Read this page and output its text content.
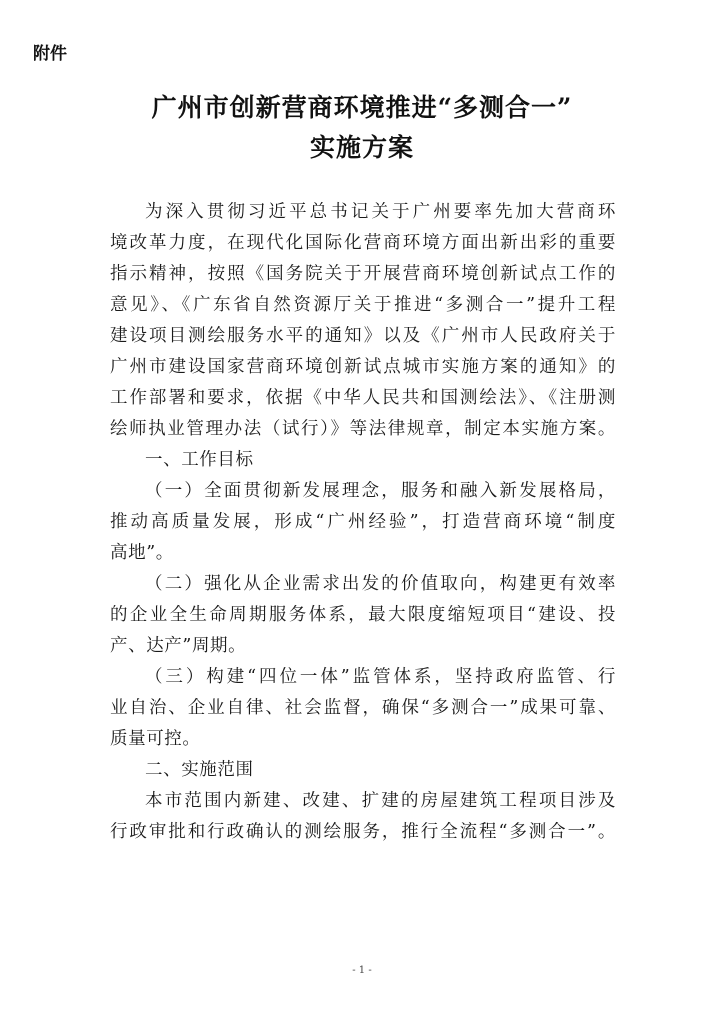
附件
广州市创新营商环境推进“多测合一”
实施方案
为深入贯彻习近平总书记关于广州要率先加大营商环
境改革力度，在现代化国际化营商环境方面出新出彩的重要
指示精神，按照《国务院关于开展营商环境创新试点工作的
意见》、《广东省自然资源厅关于推进“多测合一”提升工程
建设项目测绘服务水平的通知》以及《广州市人民政府关于
广州市建设国家营商环境创新试点城市实施方案的通知》的
工作部署和要求，依据《中华人民共和国测绘法》、《注册测
绘师执业管理办法（试行）》等法律规章，制定本实施方案。
一、工作目标
（一）全面贯彻新发展理念，服务和融入新发展格局，
推动高质量发展，形成“广州经验”，打造营商环境“制度
高地”。
（二）强化从企业需求出发的价值取向，构建更有效率
的企业全生命周期服务体系，最大限度缩短项目“建设、投
产、达产”周期。
（三）构建“四位一体”监管体系，坚持政府监管、行
业自治、企业自律、社会监督，确保“多测合一”成果可靠、
质量可控。
二、实施范围
本市范围内新建、改建、扩建的房屋建筑工程项目涉及
行政审批和行政确认的测绘服务，推行全流程“多测合一”。
- 1 -
